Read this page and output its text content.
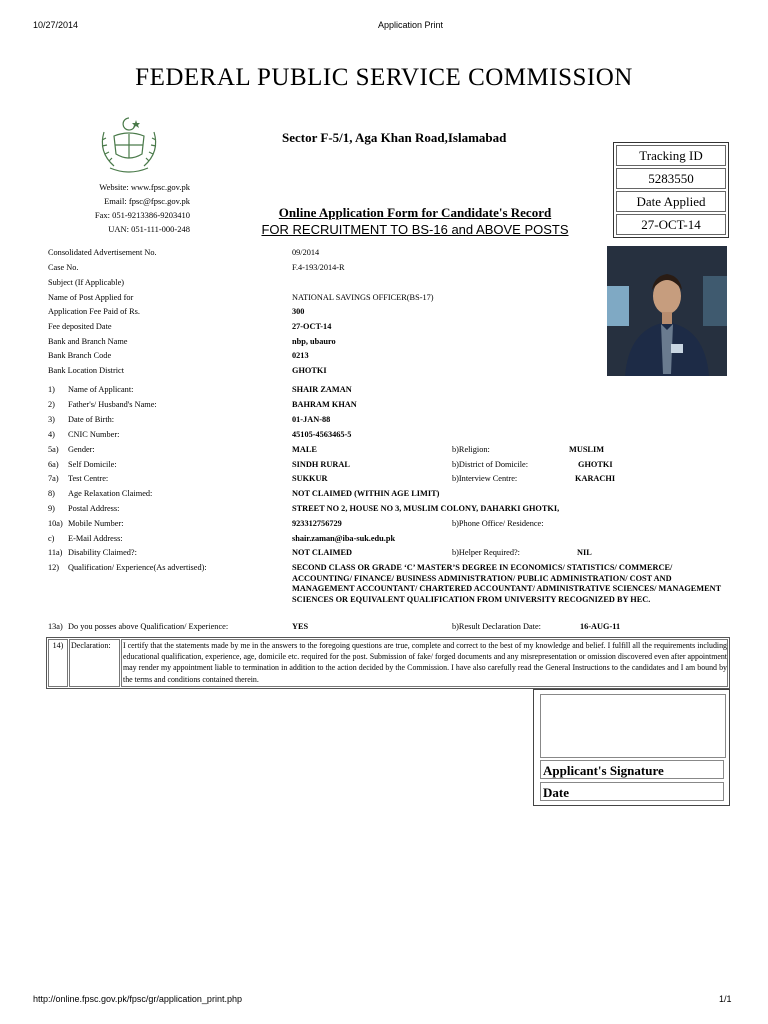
10/27/2014	Application Print
FEDERAL PUBLIC SERVICE COMMISSION
Website: www.fpsc.gov.pk
Email: fpsc@fpsc.gov.pk
Fax: 051-9213386-9203410
UAN: 051-111-000-248
Sector F-5/1, Aga Khan Road,Islamabad
Online Application Form for Candidate's Record
FOR RECRUITMENT TO BS-16 and ABOVE POSTS
Tracking ID
5283550
Date Applied
27-OCT-14
Consolidated Advertisement No.	09/2014
Case No.	F.4-193/2014-R
Subject (If Applicable)
Name of Post Applied for	NATIONAL SAVINGS OFFICER(BS-17)
Application Fee Paid of Rs.	300
Fee deposited Date	27-OCT-14
Bank and Branch Name	nbp, ubauro
Bank Branch Code	0213
Bank Location District	GHOTKI
1)	Name of Applicant:	SHAIR ZAMAN
2)	Father's/ Husband's Name:	BAHRAM KHAN
3)	Date of Birth:	01-JAN-88
4)	CNIC Number:	45105-4563465-5
5a)	Gender:	MALE	b)Religion:	MUSLIM
6a)	Self Domicile:	SINDH RURAL	b)District of Domicile:	GHOTKI
7a)	Test Centre:	SUKKUR	b)Interview Centre:	KARACHI
8)	Age Relaxation Claimed:	NOT CLAIMED (WITHIN AGE LIMIT)
9)	Postal Address:	STREET NO 2, HOUSE NO 3, MUSLIM COLONY, DAHARKI GHOTKI,
10a) Mobile Number:	923312756729	b)Phone Office/ Residence:
c)	E-Mail Address:	shair.zaman@iba-suk.edu.pk
11a) Disability Claimed?:	NOT CLAIMED	b)Helper Required?:	NIL
12)	Qualification/ Experience(As advertised):	SECOND CLASS OR GRADE ‘C’ MASTER’S DEGREE IN ECONOMICS/ STATISTICS/ COMMERCE/ ACCOUNTING/ FINANCE/ BUSINESS ADMINISTRATION/ PUBLIC ADMINISTRATION/ COST AND MANAGEMENT ACCOUNTANT/ CHARTERED ACCOUNTANT/ ADMINISTRATIVE SCIENCES/ MANAGEMENT SCIENCES OR EQUIVALENT QUALIFICATION FROM UNIVERSITY RECOGNIZED BY HEC.
13a) Do you posses above Qualification/ Experience:	YES	b)Result Declaration Date:	16-AUG-11
14) Declaration:	I certify that the statements made by me in the answers to the foregoing questions are true, complete and correct to the best of my knowledge and belief. I fulfill all the requirements including educational qualification, experience, age, domicile etc. required for the post. Submission of fake/ forged documents and any misrepresentation or omission discovered even after appointment may render my appointment liable to termination in addition to the action decided by the Commission. I have also carefully read the General Instructions to the candidates and I am bound by the terms and conditions contained therein.
Applicant's Signature
Date
http://online.fpsc.gov.pk/fpsc/gr/application_print.php	1/1
